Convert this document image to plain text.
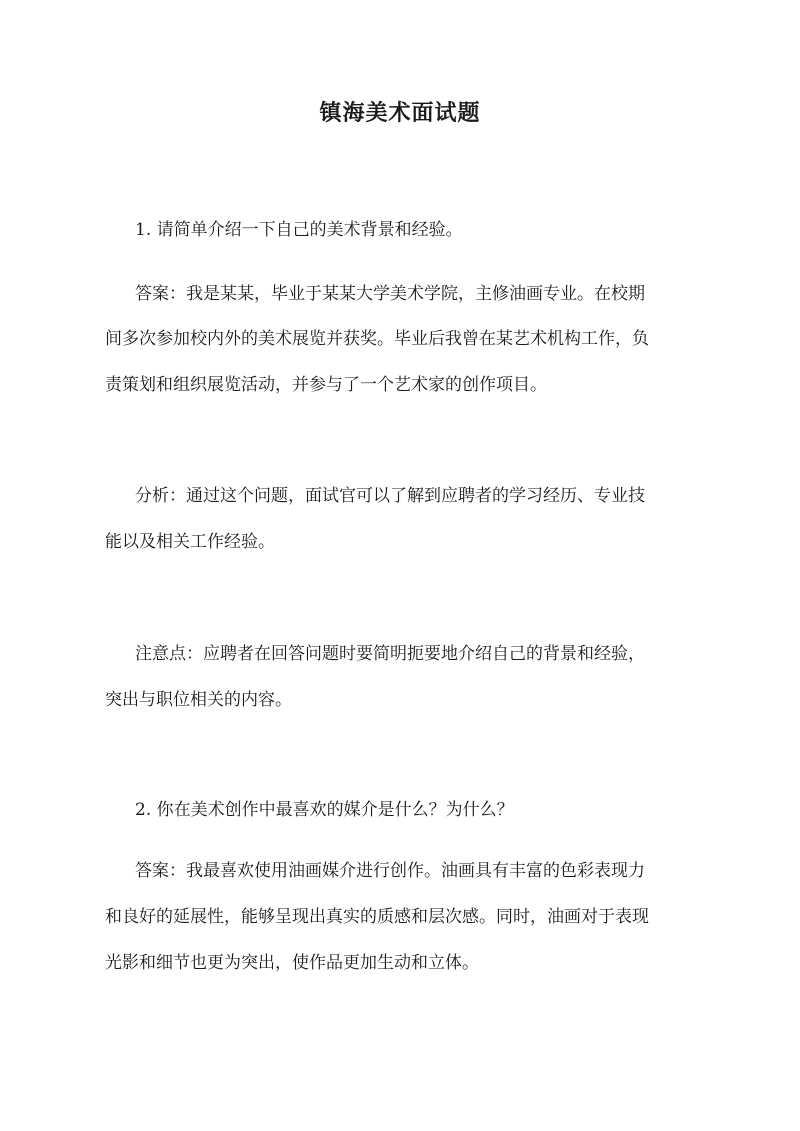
镇海美术面试题

1. 请简单介绍一下自己的美术背景和经验。

答案：我是某某，毕业于某某大学美术学院，主修油画专业。在校期

间多次参加校内外的美术展览并获奖。毕业后我曾在某艺术机构工作，负

责策划和组织展览活动，并参与了一个艺术家的创作项目。

分析：通过这个问题，面试官可以了解到应聘者的学习经历、专业技

能以及相关工作经验。

注意点：应聘者在回答问题时要简明扼要地介绍自己的背景和经验，

突出与职位相关的内容。

2. 你在美术创作中最喜欢的媒介是什么？为什么？

答案：我最喜欢使用油画媒介进行创作。油画具有丰富的色彩表现力

和良好的延展性，能够呈现出真实的质感和层次感。同时，油画对于表现

光影和细节也更为突出，使作品更加生动和立体。
